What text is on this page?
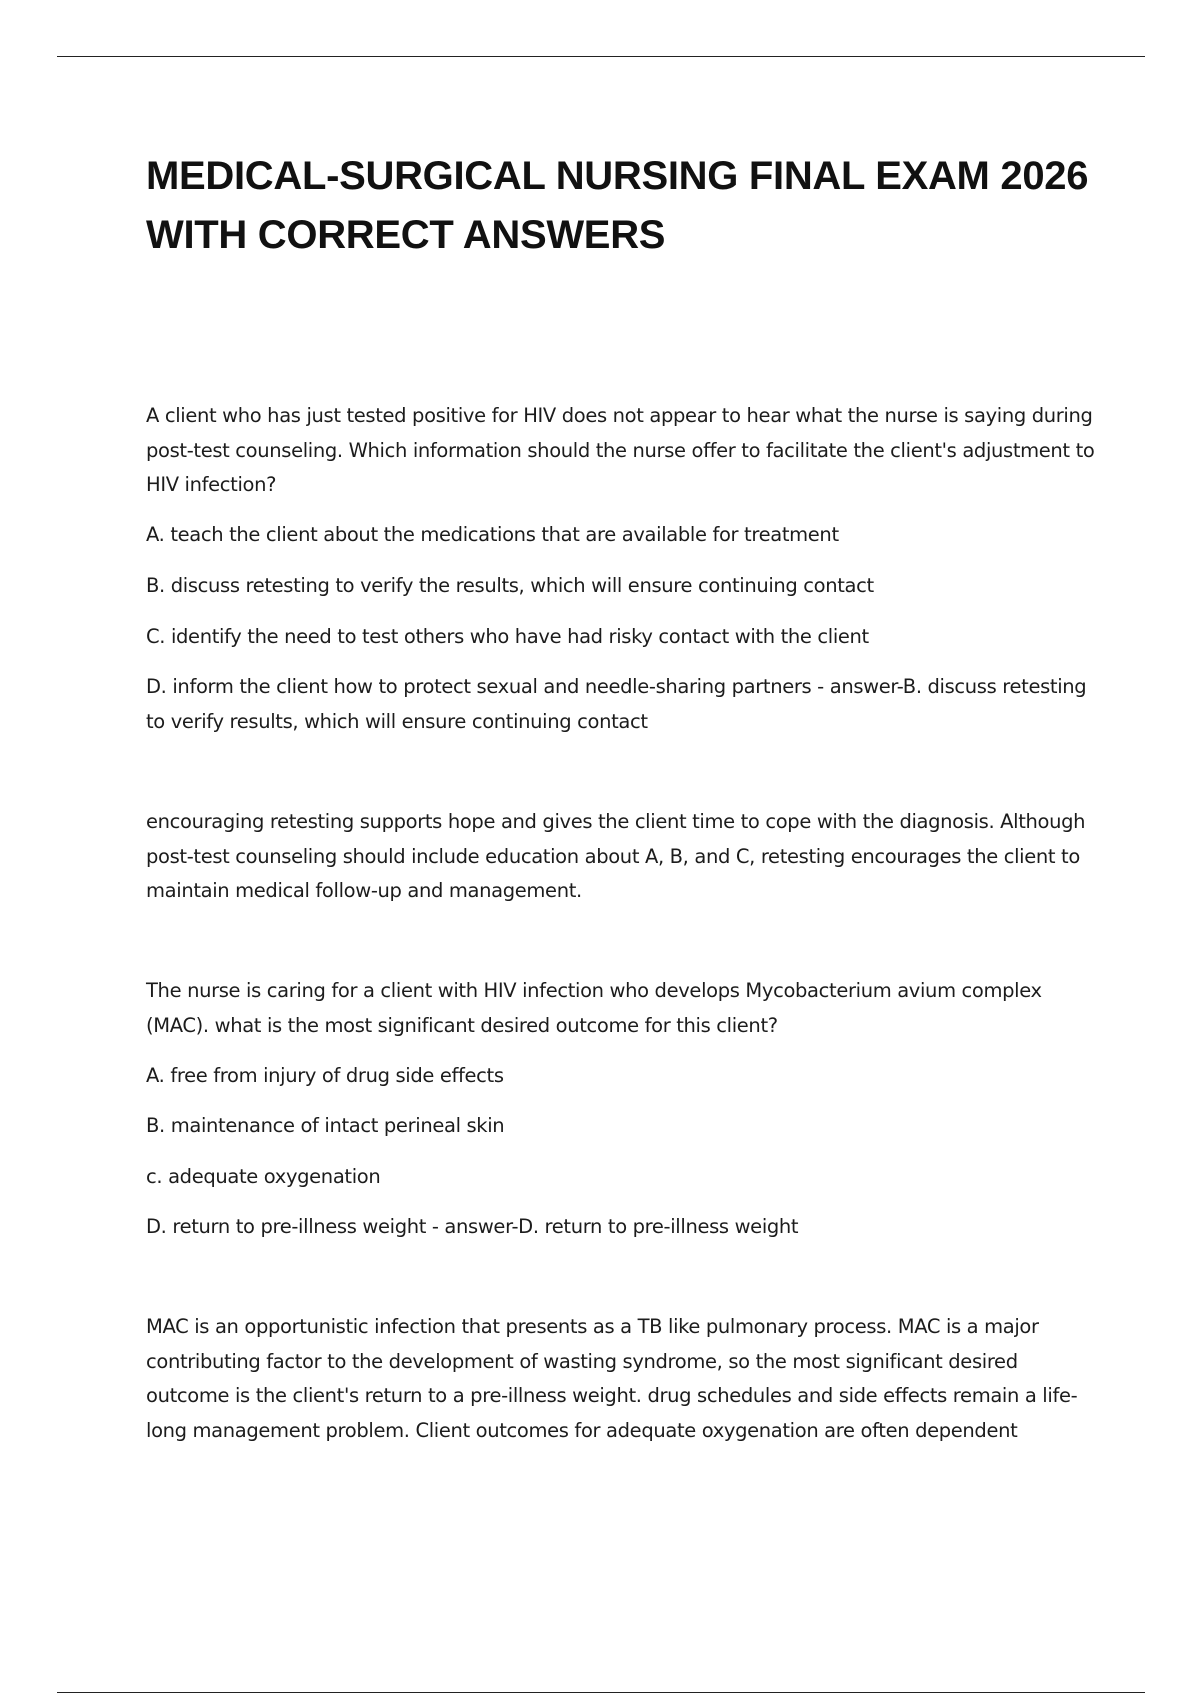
MEDICAL-SURGICAL NURSING FINAL EXAM 2026 WITH CORRECT ANSWERS

A client who has just tested positive for HIV does not appear to hear what the nurse is saying during post-test counseling. Which information should the nurse offer to facilitate the client's adjustment to HIV infection?

A. teach the client about the medications that are available for treatment

B. discuss retesting to verify the results, which will ensure continuing contact

C. identify the need to test others who have had risky contact with the client

D. inform the client how to protect sexual and needle-sharing partners - answer-B. discuss retesting to verify results, which will ensure continuing contact

encouraging retesting supports hope and gives the client time to cope with the diagnosis. Although post-test counseling should include education about A, B, and C, retesting encourages the client to maintain medical follow-up and management.

The nurse is caring for a client with HIV infection who develops Mycobacterium avium complex (MAC). what is the most significant desired outcome for this client?

A. free from injury of drug side effects

B. maintenance of intact perineal skin

c. adequate oxygenation

D. return to pre-illness weight - answer-D. return to pre-illness weight

MAC is an opportunistic infection that presents as a TB like pulmonary process. MAC is a major contributing factor to the development of wasting syndrome, so the most significant desired outcome is the client's return to a pre-illness weight. drug schedules and side effects remain a life-long management problem. Client outcomes for adequate oxygenation are often dependent
